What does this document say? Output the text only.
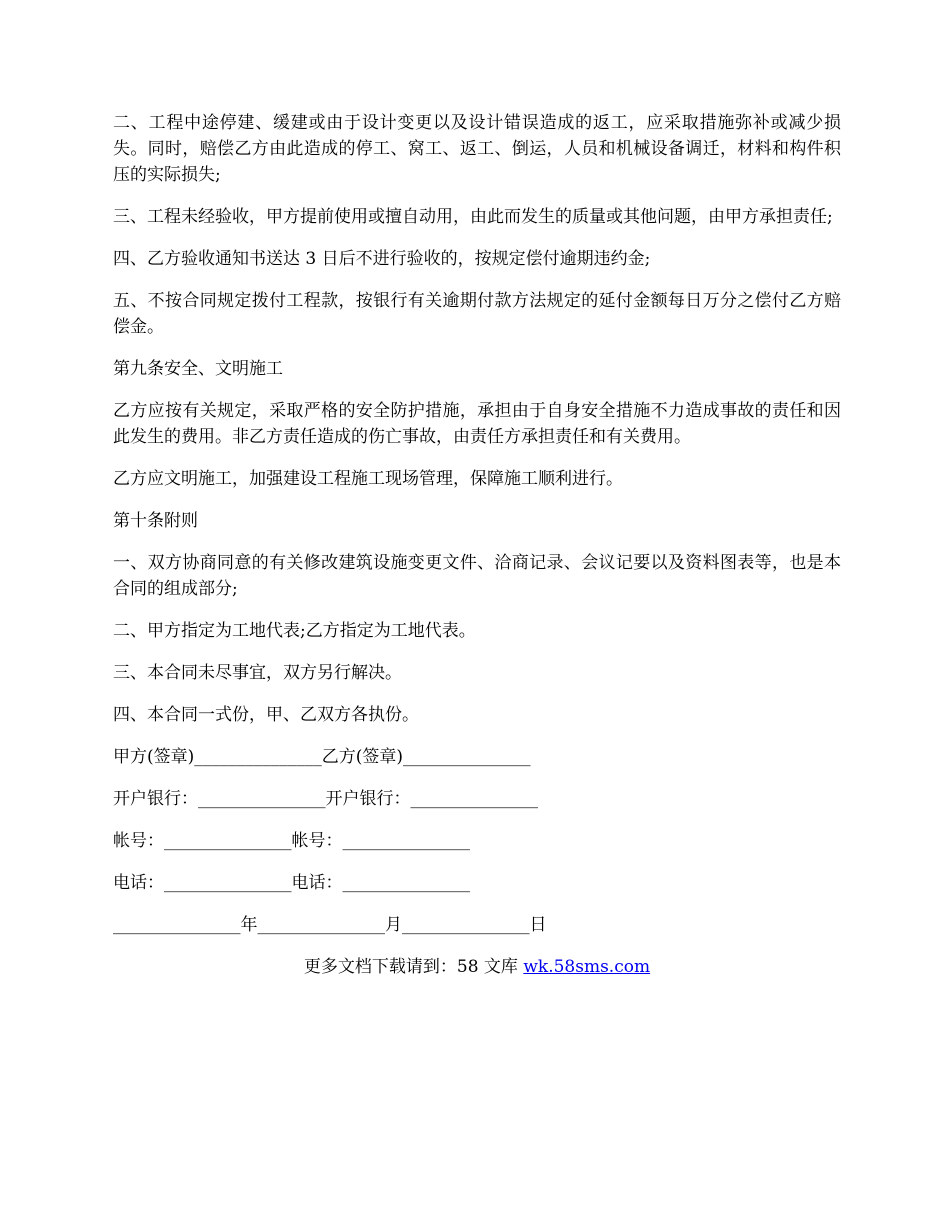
二、工程中途停建、缓建或由于设计变更以及设计错误造成的返工，应采取措施弥补或减少损失。同时，赔偿乙方由此造成的停工、窝工、返工、倒运，人员和机械设备调迁，材料和构件积压的实际损失;

三、工程未经验收，甲方提前使用或擅自动用，由此而发生的质量或其他问题，由甲方承担责任;

四、乙方验收通知书送达 3 日后不进行验收的，按规定偿付逾期违约金;

五、不按合同规定拨付工程款，按银行有关逾期付款方法规定的延付金额每日万分之偿付乙方赔偿金。

第九条安全、文明施工

乙方应按有关规定，采取严格的安全防护措施，承担由于自身安全措施不力造成事故的责任和因此发生的费用。非乙方责任造成的伤亡事故，由责任方承担责任和有关费用。

乙方应文明施工，加强建设工程施工现场管理，保障施工顺利进行。

第十条附则

一、双方协商同意的有关修改建筑设施变更文件、洽商记录、会议记要以及资料图表等，也是本合同的组成部分;

二、甲方指定为工地代表;乙方指定为工地代表。

三、本合同未尽事宜，双方另行解决。

四、本合同一式份，甲、乙双方各执份。

甲方(签章)_______________乙方(签章)_______________

开户银行：_______________开户银行：_______________

帐号：_______________帐号：_______________

电话：_______________电话：_______________

_______________年_______________月_______________日

更多文档下载请到：58 文库 wk.58sms.com
